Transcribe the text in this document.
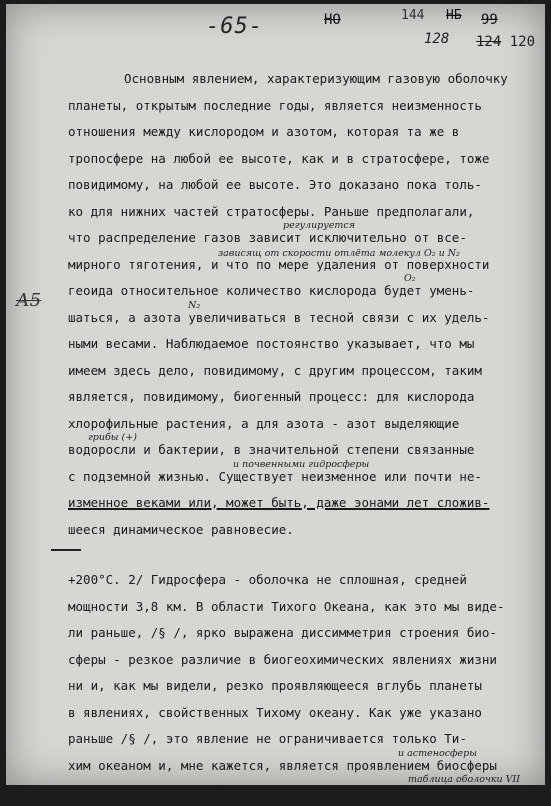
-65-	НО	144 НБ 99
128 124 120
А5
Основным явлением, характеризующим газовую оболочку
планеты, открытым последние годы, является неизменность
отношения между кислородом и азотом, которая та же в
тропосфере на любой ее высоте, как и в стратосфере, тоже
повидимому, на любой ее высоте. Это доказано пока толь-
ко для нижних частей стратосферы. Раньше предполагали,
регулируется
что распределение газов зависит исключительно от все-
зависящ от скорости отлёта молекул O₂ и N₂
мирного тяготения, и что по мере удаления от поверхности
O₂
геоида относительное количество кислорода будет умень-
N₂
шаться, а азота увеличиваться в тесной связи с их удель-
ными весами. Наблюдаемое постоянство указывает, что мы
имеем здесь дело, повидимому, с другим процессом, таким
является, повидимому, биогенный процесс: для кислорода
хлорофильные растения, а для азота - азот выделяющие
грибы (+)
водоросли и бактерии, в значительной степени связанные
и почвенными гидросферы
с подземной жизнью. Существует неизменное или почти не-
изменное веками или, может быть, даже эонами лет сложив-
шееся динамическое равновесие.
+200°С. 2/ Гидросфера - оболочка не сплошная, средней
мощности 3,8 км. В области Тихого Океана, как это мы виде-
ли раньше, /§ /, ярко выражена диссимметрия строения био-
сферы - резкое различие в биогеохимических явлениях жизни
ни и, как мы видели, резко проявляющееся вглубь планеты
в явлениях, свойственных Тихому океану. Как уже указано
раньше /§ /, это явление не ограничивается только Ти-
и астеносферы
хим океаном и, мне кажется, является проявлением биосферы
таблица оболочки VII
в строении планеты. Из того, что указано в §59, с гра-
